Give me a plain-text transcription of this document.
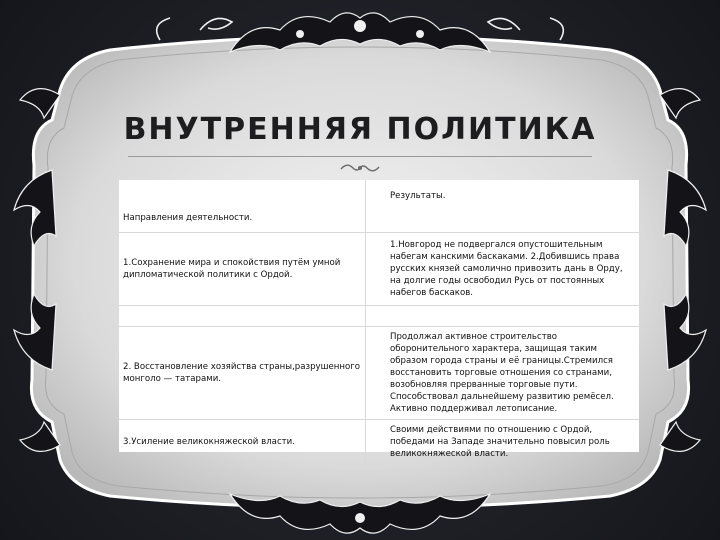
ВНУТРЕННЯЯ ПОЛИТИКА
Направления деятельности.	Результаты.
1.Сохранение мира и спокойствия путём умной дипломатической политики с Ордой.	1.Новгород не подвергался опустошительным набегам канскими баскаками. 2.Добившись права русских князей самолично привозить дань в Орду, на долгие годы освободил Русь от постоянных набегов баскаков.

2. Восстановление хозяйства страны,разрушенного монголо — татарами.	Продолжал активное строительство оборонительного характера, защищая таким образом города страны и её границы.Стремился восстановить торговые отношения со странами, возобновляя прерванные торговые пути. Способствовал дальнейшему развитию ремёсел. Активно поддерживал летописание.
3.Усиление великокняжеской власти.	Своими действиями по отношению с Ордой, победами на Западе значительно повысил роль великокняжеской власти.
